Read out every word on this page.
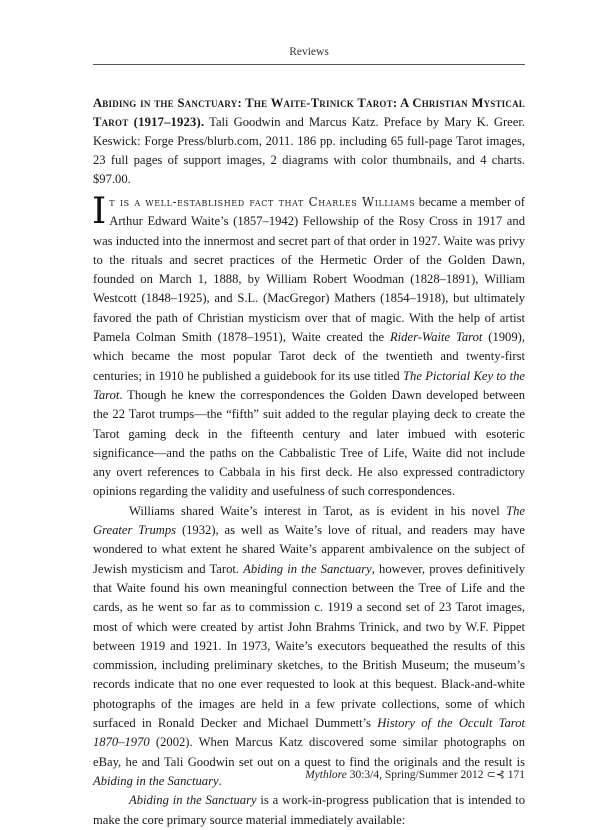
Reviews
Abiding in the Sanctuary: The Waite-Trinick Tarot: A Christian Mystical Tarot (1917–1923). Tali Goodwin and Marcus Katz. Preface by Mary K. Greer. Keswick: Forge Press/blurb.com, 2011. 186 pp. including 65 full-page Tarot images, 23 full pages of support images, 2 diagrams with color thumbnails, and 4 charts. $97.00.

It is a well-established fact that Charles Williams became a member of Arthur Edward Waite’s (1857–1942) Fellowship of the Rosy Cross in 1917 and was inducted into the innermost and secret part of that order in 1927. Waite was privy to the rituals and secret practices of the Hermetic Order of the Golden Dawn, founded on March 1, 1888, by William Robert Woodman (1828–1891), William Westcott (1848–1925), and S.L. (MacGregor) Mathers (1854–1918), but ultimately favored the path of Christian mysticism over that of magic. With the help of artist Pamela Colman Smith (1878–1951), Waite created the Rider-Waite Tarot (1909), which became the most popular Tarot deck of the twentieth and twenty-first centuries; in 1910 he published a guidebook for its use titled The Pictorial Key to the Tarot. Though he knew the correspondences the Golden Dawn developed between the 22 Tarot trumps—the “fifth” suit added to the regular playing deck to create the Tarot gaming deck in the fifteenth century and later imbued with esoteric significance—and the paths on the Cabbalistic Tree of Life, Waite did not include any overt references to Cabbala in his first deck. He also expressed contradictory opinions regarding the validity and usefulness of such correspondences.

Williams shared Waite’s interest in Tarot, as is evident in his novel The Greater Trumps (1932), as well as Waite’s love of ritual, and readers may have wondered to what extent he shared Waite’s apparent ambivalence on the subject of Jewish mysticism and Tarot. Abiding in the Sanctuary, however, proves definitively that Waite found his own meaningful connection between the Tree of Life and the cards, as he went so far as to commission c. 1919 a second set of 23 Tarot images, most of which were created by artist John Brahms Trinick, and two by W.F. Pippet between 1919 and 1921. In 1973, Waite’s executors bequeathed the results of this commission, including preliminary sketches, to the British Museum; the museum’s records indicate that no one ever requested to look at this bequest. Black-and-white photographs of the images are held in a few private collections, some of which surfaced in Ronald Decker and Michael Dummett’s History of the Occult Tarot 1870–1970 (2002). When Marcus Katz discovered some similar photographs on eBay, he and Tali Goodwin set out on a quest to find the originals and the result is Abiding in the Sanctuary.

Abiding in the Sanctuary is a work-in-progress publication that is intended to make the core primary source material immediately available:

Mythlore 30:3/4, Spring/Summer 2012 ⊂⊰ 171
